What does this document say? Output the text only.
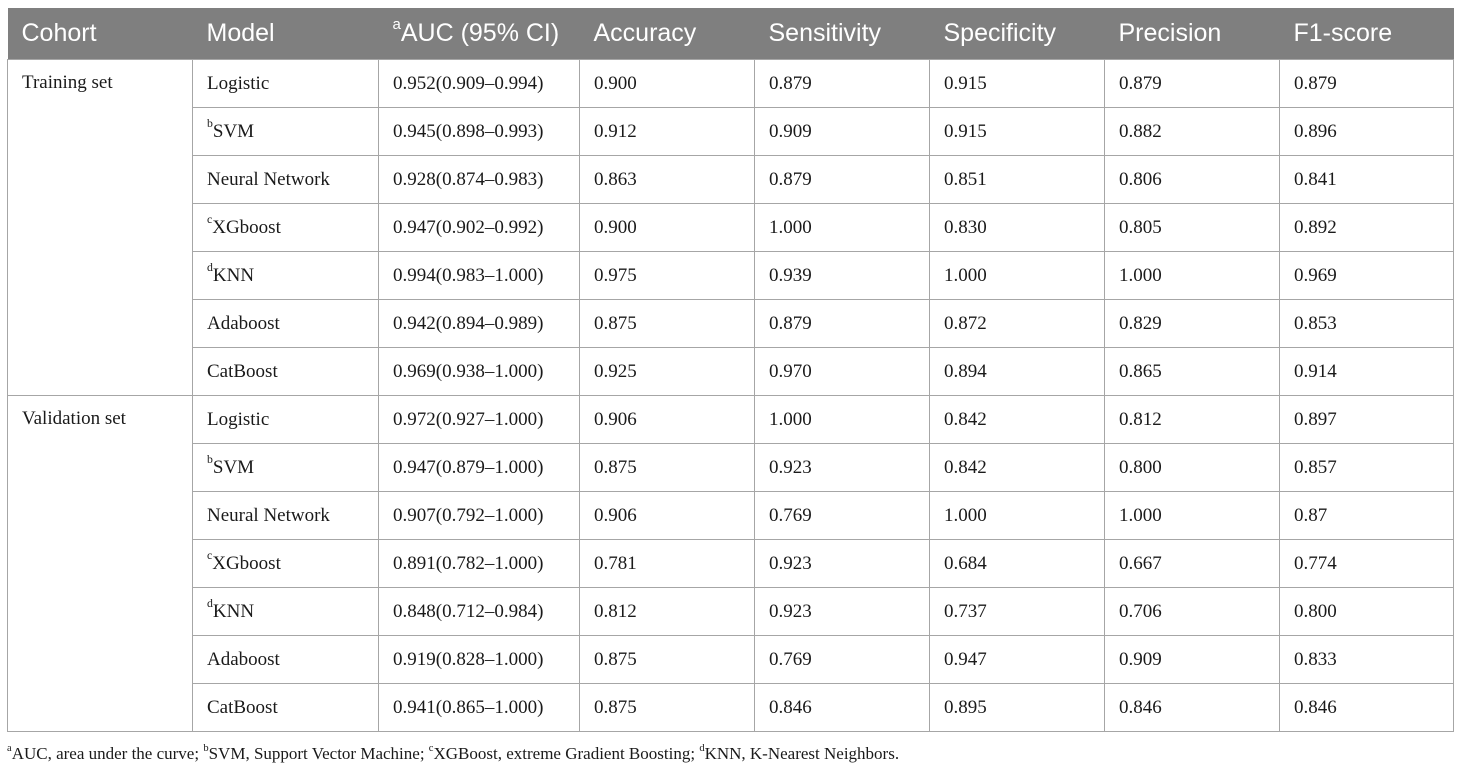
Cohort	Model	$^a$AUC (95% CI)	Accuracy	Sensitivity	Specificity	Precision	F1-score
Training set	Logistic	0.952(0.909–0.994)	0.900	0.879	0.915	0.879	0.879
	$^b$SVM	0.945(0.898–0.993)	0.912	0.909	0.915	0.882	0.896
	Neural Network	0.928(0.874–0.983)	0.863	0.879	0.851	0.806	0.841
	$^c$XGboost	0.947(0.902–0.992)	0.900	1.000	0.830	0.805	0.892
	$^d$KNN	0.994(0.983–1.000)	0.975	0.939	1.000	1.000	0.969
	Adaboost	0.942(0.894–0.989)	0.875	0.879	0.872	0.829	0.853
	CatBoost	0.969(0.938–1.000)	0.925	0.970	0.894	0.865	0.914
Validation set	Logistic	0.972(0.927–1.000)	0.906	1.000	0.842	0.812	0.897
	$^b$SVM	0.947(0.879–1.000)	0.875	0.923	0.842	0.800	0.857
	Neural Network	0.907(0.792–1.000)	0.906	0.769	1.000	1.000	0.87
	$^c$XGboost	0.891(0.782–1.000)	0.781	0.923	0.684	0.667	0.774
	$^d$KNN	0.848(0.712–0.984)	0.812	0.923	0.737	0.706	0.800
	Adaboost	0.919(0.828–1.000)	0.875	0.769	0.947	0.909	0.833
	CatBoost	0.941(0.865–1.000)	0.875	0.846	0.895	0.846	0.846
$^a$AUC, area under the curve; $^b$SVM, Support Vector Machine; $^c$XGBoost, extreme Gradient Boosting; $^d$KNN, K-Nearest Neighbors.
